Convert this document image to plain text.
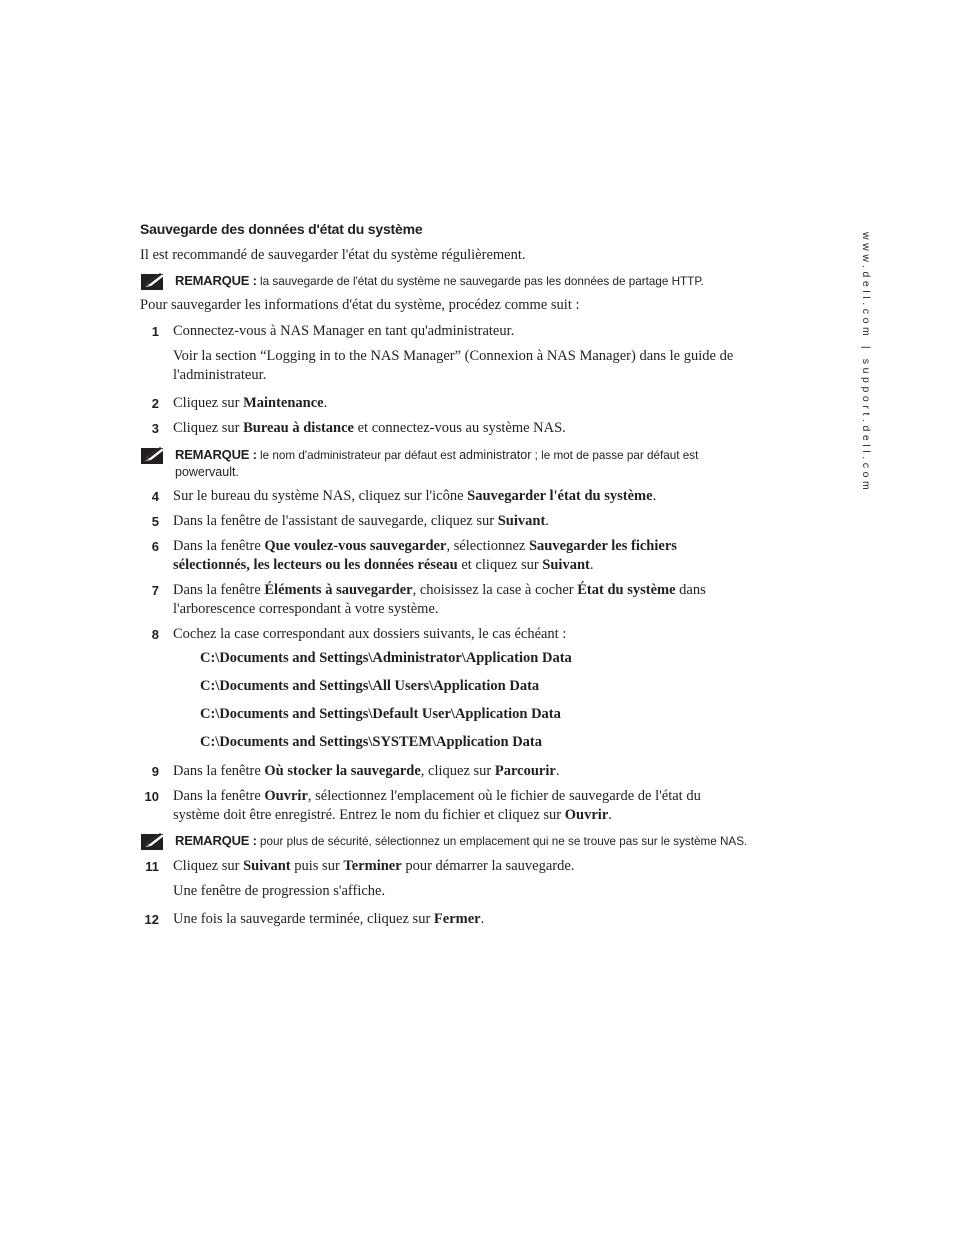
www.dell.com | support.dell.com
Sauvegarde des données d'état du système
Il est recommandé de sauvegarder l'état du système régulièrement.
REMARQUE : la sauvegarde de l'état du système ne sauvegarde pas les données de partage HTTP.
Pour sauvegarder les informations d'état du système, procédez comme suit :
1 Connectez-vous à NAS Manager en tant qu'administrateur.
Voir la section “Logging in to the NAS Manager” (Connexion à NAS Manager) dans le guide de l'administrateur.
2 Cliquez sur Maintenance.
3 Cliquez sur Bureau à distance et connectez-vous au système NAS.
REMARQUE : le nom d'administrateur par défaut est administrator ; le mot de passe par défaut est
powervault.
4 Sur le bureau du système NAS, cliquez sur l'icône Sauvegarder l'état du système.
5 Dans la fenêtre de l'assistant de sauvegarde, cliquez sur Suivant.
6 Dans la fenêtre Que voulez-vous sauvegarder, sélectionnez Sauvegarder les fichiers sélectionnés, les lecteurs ou les données réseau et cliquez sur Suivant.
7 Dans la fenêtre Éléments à sauvegarder, choisissez la case à cocher État du système dans l'arborescence correspondant à votre système.
8 Cochez la case correspondant aux dossiers suivants, le cas échéant :
C:\Documents and Settings\Administrator\Application Data
C:\Documents and Settings\All Users\Application Data
C:\Documents and Settings\Default User\Application Data
C:\Documents and Settings\SYSTEM\Application Data
9 Dans la fenêtre Où stocker la sauvegarde, cliquez sur Parcourir.
10 Dans la fenêtre Ouvrir, sélectionnez l'emplacement où le fichier de sauvegarde de l'état du système doit être enregistré. Entrez le nom du fichier et cliquez sur Ouvrir.
REMARQUE : pour plus de sécurité, sélectionnez un emplacement qui ne se trouve pas sur le système NAS.
11 Cliquez sur Suivant puis sur Terminer pour démarrer la sauvegarde.
Une fenêtre de progression s'affiche.
12 Une fois la sauvegarde terminée, cliquez sur Fermer.
